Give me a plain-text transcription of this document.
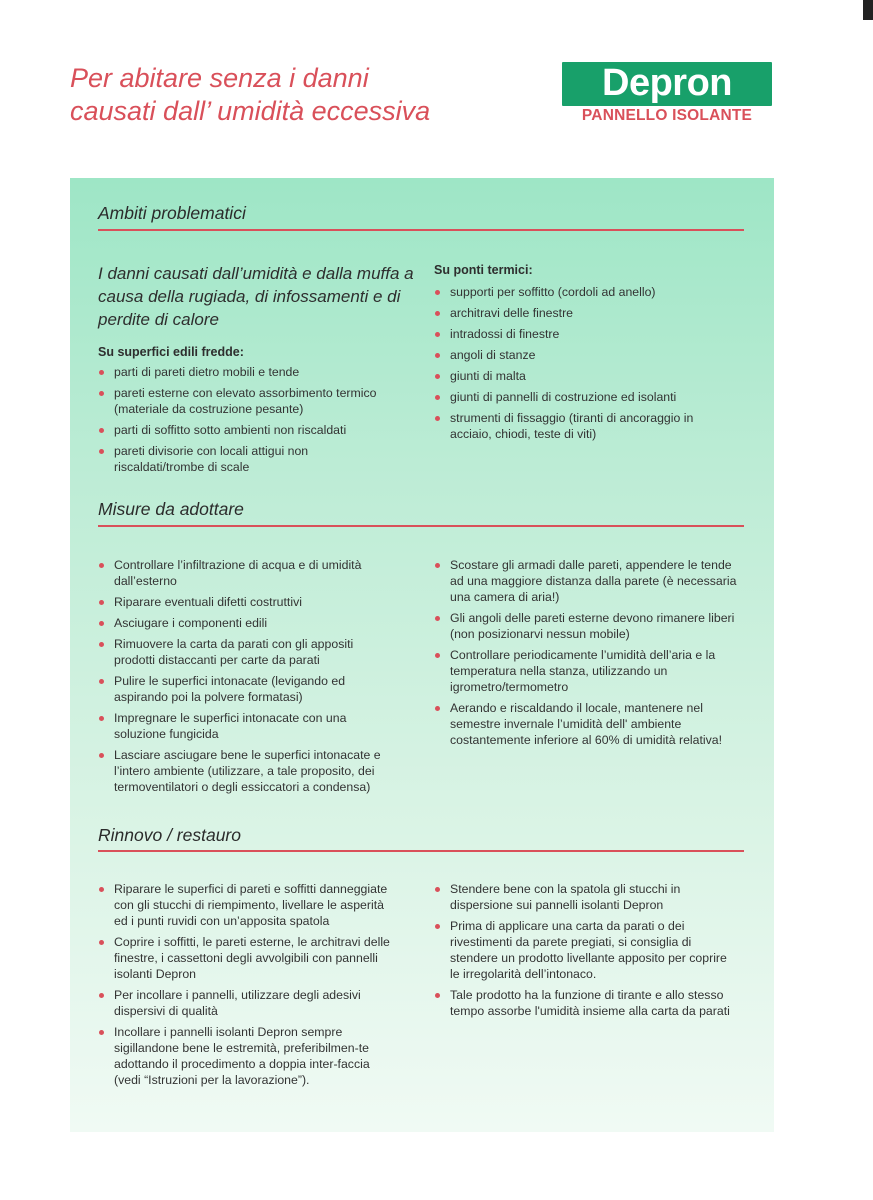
Per abitare senza i danni
causati dall’ umidità eccessiva
Depron
PANNELLO ISOLANTE
Ambiti problematici
I danni causati dall’umidità e dalla muffa a causa della rugiada, di infossamenti e di perdite di calore
Su superfici edili fredde:
parti di pareti dietro mobili e tende
pareti esterne con elevato assorbimento termico (materiale da costruzione pesante)
parti di soffitto sotto ambienti non riscaldati
pareti divisorie con locali attigui non riscaldati/trombe di scale
Su ponti termici:
supporti per soffitto (cordoli ad anello)
architravi delle finestre
intradossi di finestre
angoli di stanze
giunti di malta
giunti di pannelli di costruzione ed isolanti
strumenti di fissaggio (tiranti di ancoraggio in acciaio, chiodi, teste di viti)
Misure da adottare
Controllare l’infiltrazione di acqua e di umidità dall’esterno
Riparare eventuali difetti costruttivi
Asciugare i componenti edili
Rimuovere la carta da parati con gli appositi prodotti distaccanti per carte da parati
Pulire le superfici intonacate (levigando ed aspirando poi la polvere formatasi)
Impregnare le superfici intonacate con una soluzione fungicida
Lasciare asciugare bene le superfici intonacate e l’intero ambiente (utilizzare, a tale proposito, dei termoventilatori o degli essiccatori a condensa)
Scostare gli armadi dalle pareti, appendere le tende ad una maggiore distanza dalla parete (è necessaria una camera di aria!)
Gli angoli delle pareti esterne devono rimanere liberi (non posizionarvi nessun mobile)
Controllare periodicamente l’umidità dell’aria e la temperatura nella stanza, utilizzando un igrometro/termometro
Aerando e riscaldando il locale, mantenere nel semestre invernale l’umidità dell' ambiente costantemente inferiore al 60% di umidità relativa!
Rinnovo / restauro
Riparare le superfici di pareti e soffitti danneggiate con gli stucchi di riempimento, livellare le asperità ed i punti ruvidi con un’apposita spatola
Coprire i soffitti, le pareti esterne, le architravi delle finestre, i cassettoni degli avvolgibili con pannelli isolanti Depron
Per incollare i pannelli, utilizzare degli adesivi dispersivi di qualità
Incollare i pannelli isolanti Depron sempre sigillandone bene le estremità, preferibilmen-te adottando il procedimento a doppia inter-faccia (vedi “Istruzioni per la lavorazione”).
Stendere bene con la spatola gli stucchi in dispersione sui pannelli isolanti Depron
Prima di applicare una carta da parati o dei rivestimenti da parete pregiati, si consiglia di stendere un prodotto livellante apposito per coprire le irregolarità dell’intonaco.
Tale prodotto ha la funzione di tirante e allo stesso tempo assorbe l'umidità insieme alla carta da parati
